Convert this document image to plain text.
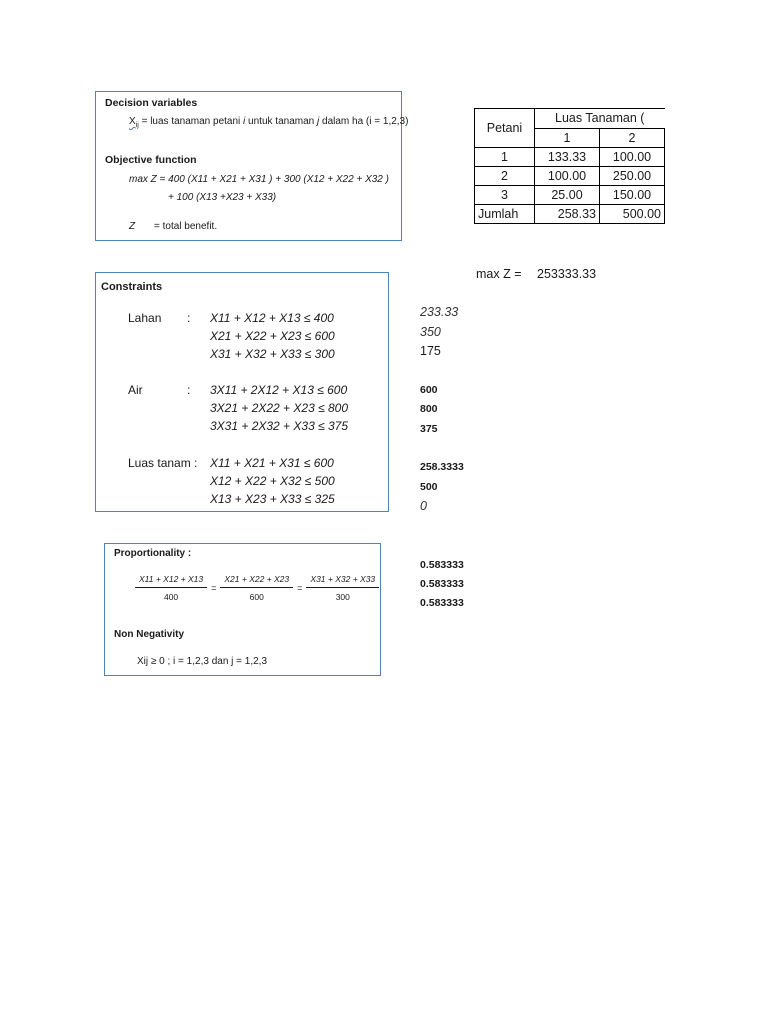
Decision variables
$X_{ij}$ = luas tanaman petani i untuk tanaman j dalam ha (i = 1,2,3)
Objective function
max Z = 400 (X11 + X21 + X31 ) + 300 (X12 + X22 + X32 )
+ 100 (X13 +X23 + X33)
Z = total benefit.
Petani	Luas Tanaman (	
	1	2
1	133.33	100.00
2	100.00	250.00
3	25.00	150.00
Jumlah	258.33	500.00
max Z = 253333.33
Constraints
Lahan : X11 + X12 + X13 ≤ 400
X21 + X22 + X23 ≤ 600
X31 + X32 + X33 ≤ 300
Air	: 3X11 + 2X12 + X13 ≤ 600
3X21 + 2X22 + X23 ≤ 800
3X31 + 2X32 + X33 ≤ 375
Luas tanam : X11 + X21 + X31 ≤ 600
X12 + X22 + X32 ≤ 500
X13 + X23 + X33 ≤ 325
233.33
350
175
600
800
375
258.3333
500
0
Proportionality :
$\frac{X11 + X12 + X13}{400} = \frac{X21 + X22 + X23}{600} = \frac{X31 + X32 + X33}{300}$
Non Negativity
Xij ≥ 0 ; i = 1,2,3 dan j = 1,2,3
0.583333
0.583333
0.583333
